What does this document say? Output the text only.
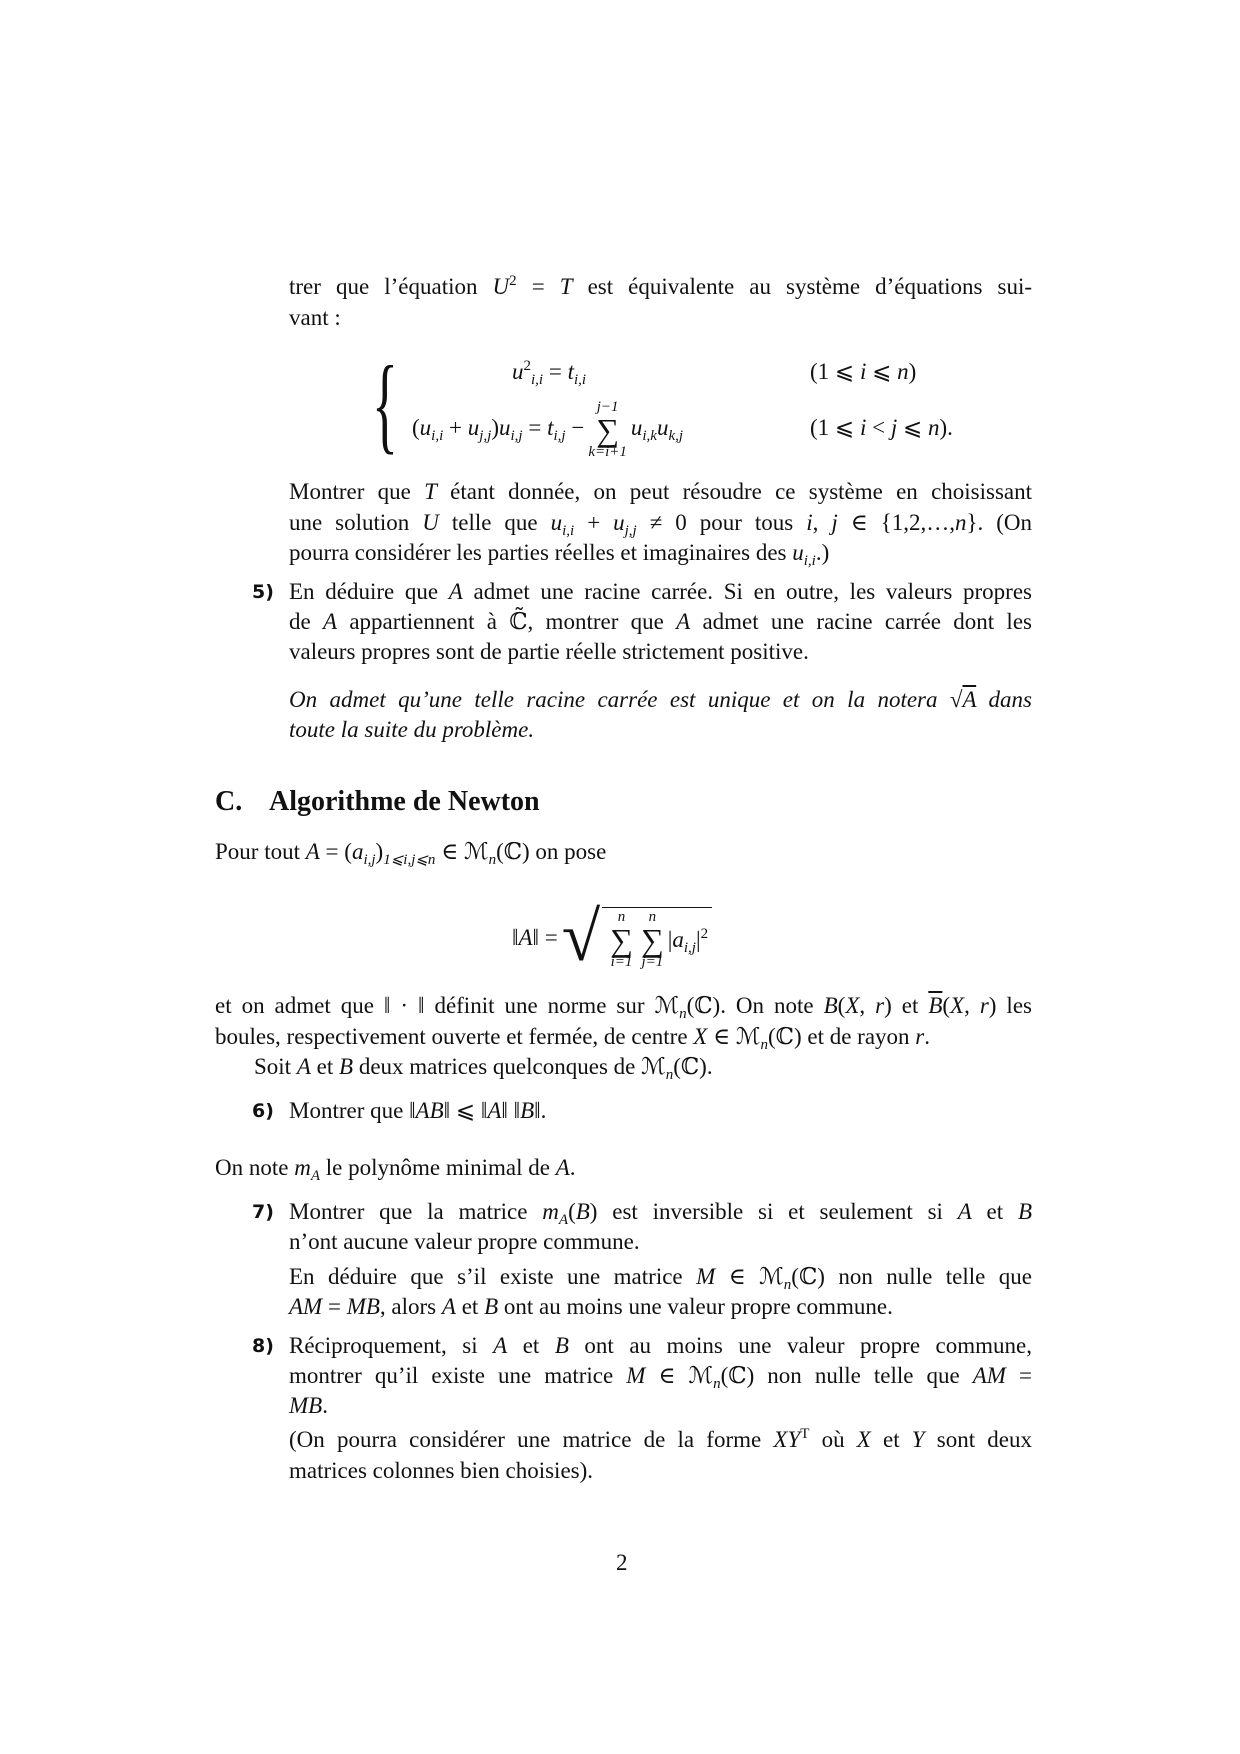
trer que l’équation $U^2 = T$ est équivalente au système d’équations sui-
vant :
{	$u^2_{i,i} = t_{i,i}$	(1 ⩽ i ⩽ n)
$(u_{i,i} + u_{j,j})u_{i,j} = t_{i,j}$ −
j−1
∑
k=i+1
$u_{i,k}u_{k,j}$	(1 ⩽ i < j ⩽ n).
Montrer que T étant donnée, on peut résoudre ce système en choisissant
une solution U telle que $u_{i,i} + u_{j,j} \ne 0$ pour tous i, j ∈ {1,2,…,n}. (On
pourra considérer les parties réelles et imaginaires des $u_{i,i}$.)
5) En déduire que A admet une racine carrée. Si en outre, les valeurs propres
de A appartiennent à ℂ̃, montrer que A admet une racine carrée dont les
valeurs propres sont de partie réelle strictement positive.
On admet qu’une telle racine carrée est unique et on la notera √A dans
toute la suite du problème.
C. Algorithme de Newton
Pour tout $A = (a_{i,j})_{1⩽i,j⩽n}$ ∈ ℳ$_n$(ℂ) on pose
‖A‖ = √	n
∑
i=1
n
∑
j=1
$|a_{i,j}|^2$
et on admet que ‖ · ‖ définit une norme sur ℳ$_n$(ℂ). On note B(X, r) et $\overline{B}(X$, r) les
boules, respectivement ouverte et fermée, de centre X ∈ ℳ$_n$(ℂ) et de rayon r.
Soit A et B deux matrices quelconques de ℳ$_n$(ℂ).
6) Montrer que ‖AB‖ ⩽ ‖A‖ ‖B‖.
On note $m_A$ le polynôme minimal de A.
7) Montrer que la matrice $m_A(B)$ est inversible si et seulement si A et B
n’ont aucune valeur propre commune.
En déduire que s’il existe une matrice M ∈ ℳ$_n$(ℂ) non nulle telle que
AM = MB, alors A et B ont au moins une valeur propre commune.
8) Réciproquement, si A et B ont au moins une valeur propre commune,
montrer qu’il existe une matrice M ∈ ℳ$_n$(ℂ) non nulle telle que AM =
MB.
(On pourra considérer une matrice de la forme $XY^T$ où X et Y sont deux
matrices colonnes bien choisies).
2
